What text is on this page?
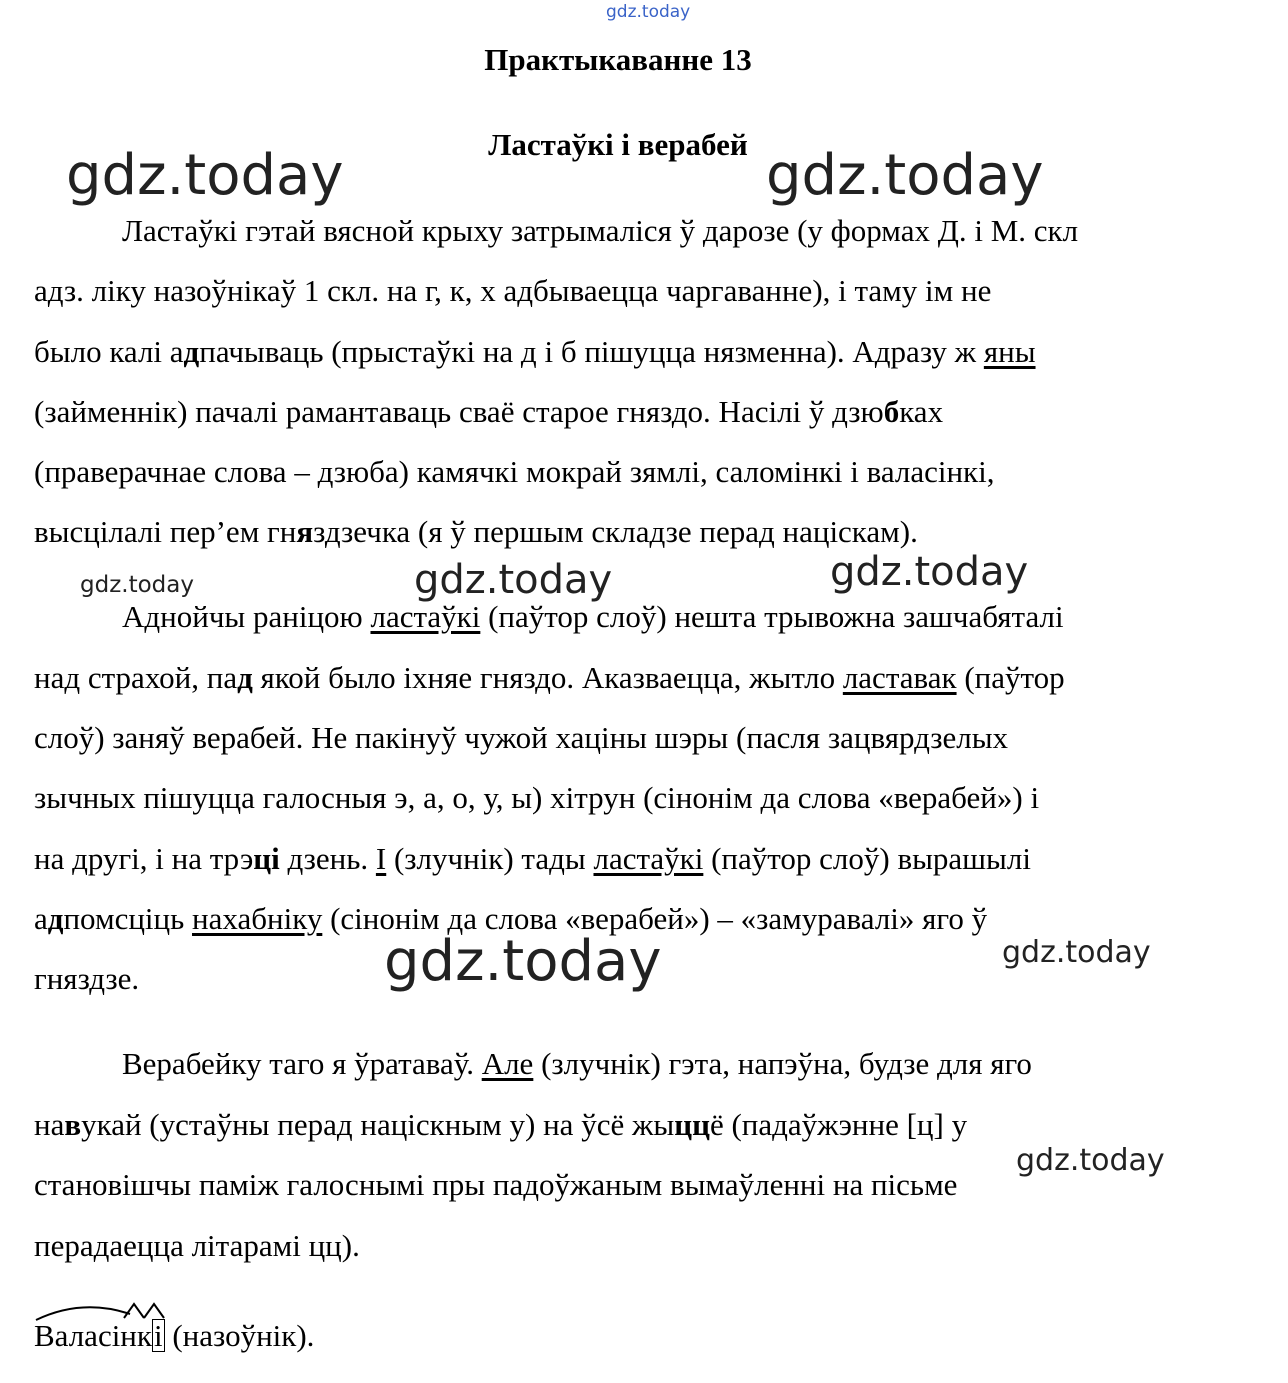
gdz.today
gdz.today	gdz.today
gdz.today	gdz.today	gdz.today
gdz.today	gdz.today
gdz.today
Практыкаванне 13
Ластаўкі і верабей
Ластаўкі гэтай вясной крыху затрымаліся ў дарозе (у формах Д. і М. скл
адз. ліку назоўнікаў 1 скл. на г, к, х адбываецца чаргаванне), і таму ім не
было калі адпачываць (прыстаўкі на д і б пішуцца нязменна). Адразу ж яны
(займеннік) пачалі рамантаваць сваё старое гняздо. Насілі ў дзюбках
(праверачнае слова – дзюба) камячкі мокрай зямлі, саломінкі і валасінкі,
высцілалі пер’ем гняздзечка (я ў першым складзе перад націскам).
Аднойчы раніцою ластаўкі (паўтор слоў) нешта трывожна зашчабяталі
над страхой, пад якой было іхняе гняздо. Аказваецца, жытло ластавак (паўтор
слоў) заняў верабей. Не пакінуў чужой хаціны шэры (пасля зацвярдзелых
зычных пішуцца галосныя э, а, о, у, ы) хітрун (сінонім да слова «верабей») і
на другі, і на трэці дзень. І (злучнік) тады ластаўкі (паўтор слоў) вырашылі
адпомсціць нахабніку (сінонім да слова «верабей») – «замуравалі» яго ў
гняздзе.
Верабейку таго я ўратаваў. Але (злучнік) гэта, напэўна, будзе для яго
навукай (устаўны перад націскным у) на ўсё жыццё (падаўжэнне [ц] у
становішчы паміж галоснымі пры падоўжаным вымаўленні на пісьме
перадаецца літарамі цц).
Валасінкі (назоўнік).
